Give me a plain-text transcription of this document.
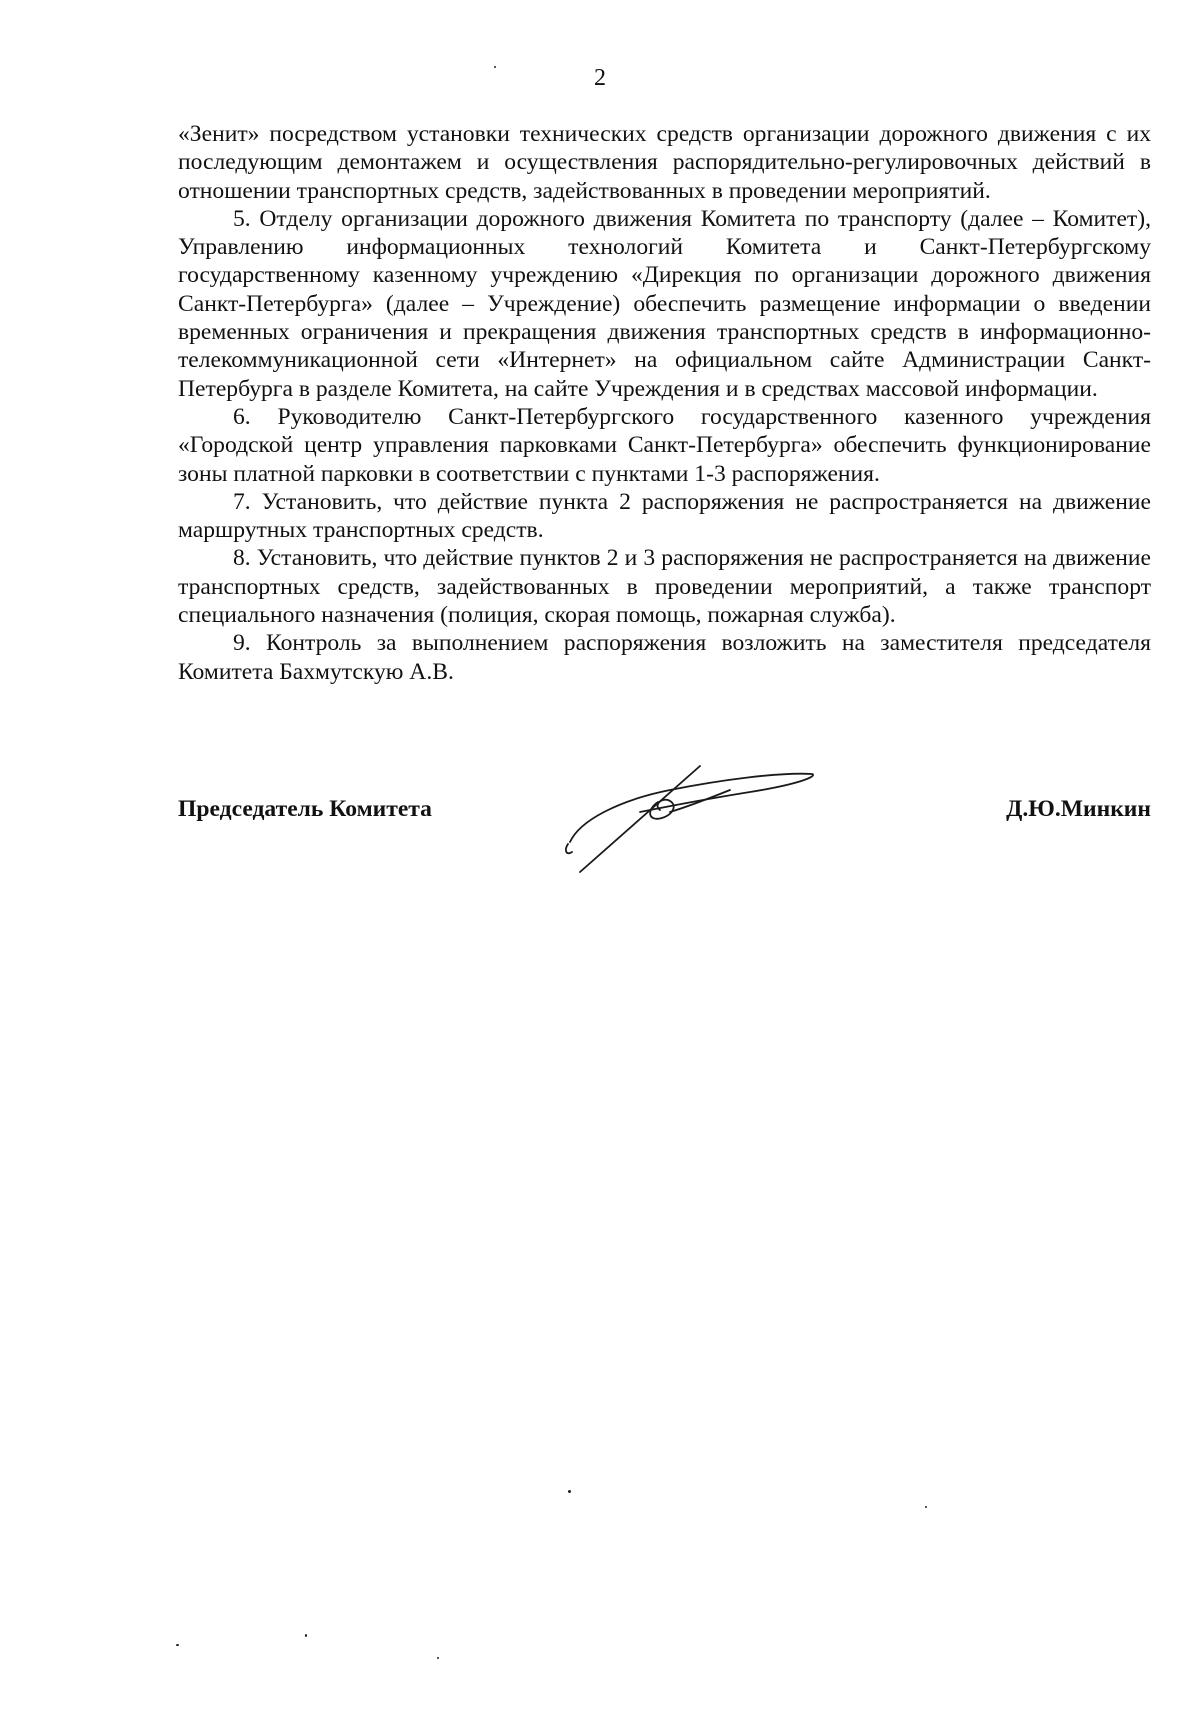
2

«Зенит» посредством установки технических средств организации дорожного движения с их последующим демонтажем и осуществления распорядительно-регулировочных действий в отношении транспортных средств, задействованных в проведении мероприятий.

5. Отделу организации дорожного движения Комитета по транспорту (далее – Комитет), Управлению информационных технологий Комитета и Санкт-Петербургскому государственному казенному учреждению «Дирекция по организации дорожного движения Санкт-Петербурга» (далее – Учреждение) обеспечить размещение информации о введении временных ограничения и прекращения движения транспортных средств в информационно-телекоммуникационной сети «Интернет» на официальном сайте Администрации Санкт-Петербурга в разделе Комитета, на сайте Учреждения и в средствах массовой информации.

6. Руководителю Санкт-Петербургского государственного казенного учреждения «Городской центр управления парковками Санкт-Петербурга» обеспечить функционирование зоны платной парковки в соответствии с пунктами 1-3 распоряжения.

7. Установить, что действие пункта 2 распоряжения не распространяется на движение маршрутных транспортных средств.

8. Установить, что действие пунктов 2 и 3 распоряжения не распространяется на движение транспортных средств, задействованных в проведении мероприятий, а также транспорт специального назначения (полиция, скорая помощь, пожарная служба).

9. Контроль за выполнением распоряжения возложить на заместителя председателя Комитета Бахмутскую А.В.

Председатель Комитета	Д.Ю.Минкин
